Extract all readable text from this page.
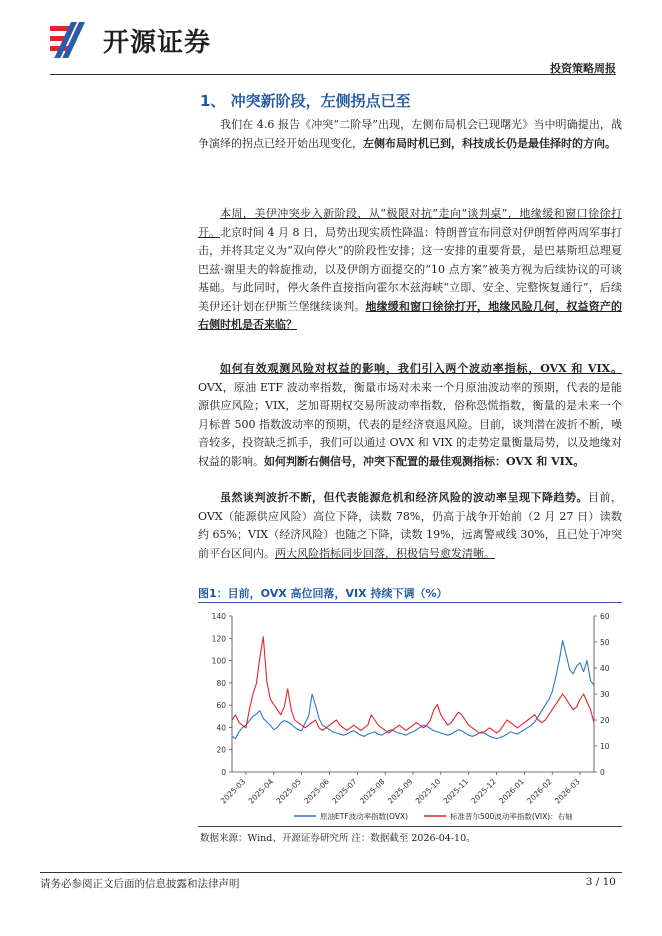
开源证券
投资策略周报
1、 冲突新阶段，左侧拐点已至
我们在 4.6 报告《冲突“二阶导”出现，左侧布局机会已现曙光》当中明确提出，战争演绎的拐点已经开始出现变化，左侧布局时机已到，科技成长仍是最佳择时的方向。
本周，美伊冲突步入新阶段，从“极限对抗”走向“谈判桌”，地缘缓和窗口徐徐打开。北京时间 4 月 8 日，局势出现实质性降温：特朗普宣布同意对伊朗暂停两周军事打击，并将其定义为“双向停火”的阶段性安排；这一安排的重要背景，是巴基斯坦总理夏巴兹·谢里夫的斡旋推动，以及伊朗方面提交的“10 点方案”被美方视为后续协议的可谈基础。与此同时，停火条件直接指向霍尔木兹海峡“立即、安全、完整恢复通行”，后续美伊还计划在伊斯兰堡继续谈判。地缘缓和窗口徐徐打开，地缘风险几何，权益资产的右侧时机是否来临？
如何有效观测风险对权益的影响，我们引入两个波动率指标，OVX 和 VIX。OVX，原油 ETF 波动率指数，衡量市场对未来一个月原油波动率的预期，代表的是能源供应风险；VIX，芝加哥期权交易所波动率指数，俗称恐慌指数，衡量的是未来一个月标普 500 指数波动率的预期，代表的是经济衰退风险。目前，谈判潜在波折不断，噪音较多，投资缺乏抓手，我们可以通过 OVX 和 VIX 的走势定量衡量局势，以及地缘对权益的影响。如何判断右侧信号，冲突下配置的最佳观测指标：OVX 和 VIX。
虽然谈判波折不断，但代表能源危机和经济风险的波动率呈现下降趋势。目前，OVX（能源供应风险）高位下降，读数 78%，仍高于战争开始前（2 月 27 日）读数约 65%；VIX（经济风险）也随之下降，读数 19%，远离警戒线 30%，且已处于冲突前平台区间内。两大风险指标同步回落，积极信号愈发清晰。
图1：目前，OVX 高位回落，VIX 持续下调（%）
0
20
40
60
80
100
120
140
0
10
20
30
40
50
60
2025-03 2025-04 2025-05 2025-06 2025-07 2025-08 2025-09 2025-10 2025-11 2025-12 2026-01 2026-02 2026-03
原油ETF波动率指数(OVX)	标准普尔500波动率指数(VIX)：右轴
数据来源：Wind、开源证券研究所 注：数据截至 2026-04-10。
请务必参阅正文后面的信息披露和法律声明	3 / 10
